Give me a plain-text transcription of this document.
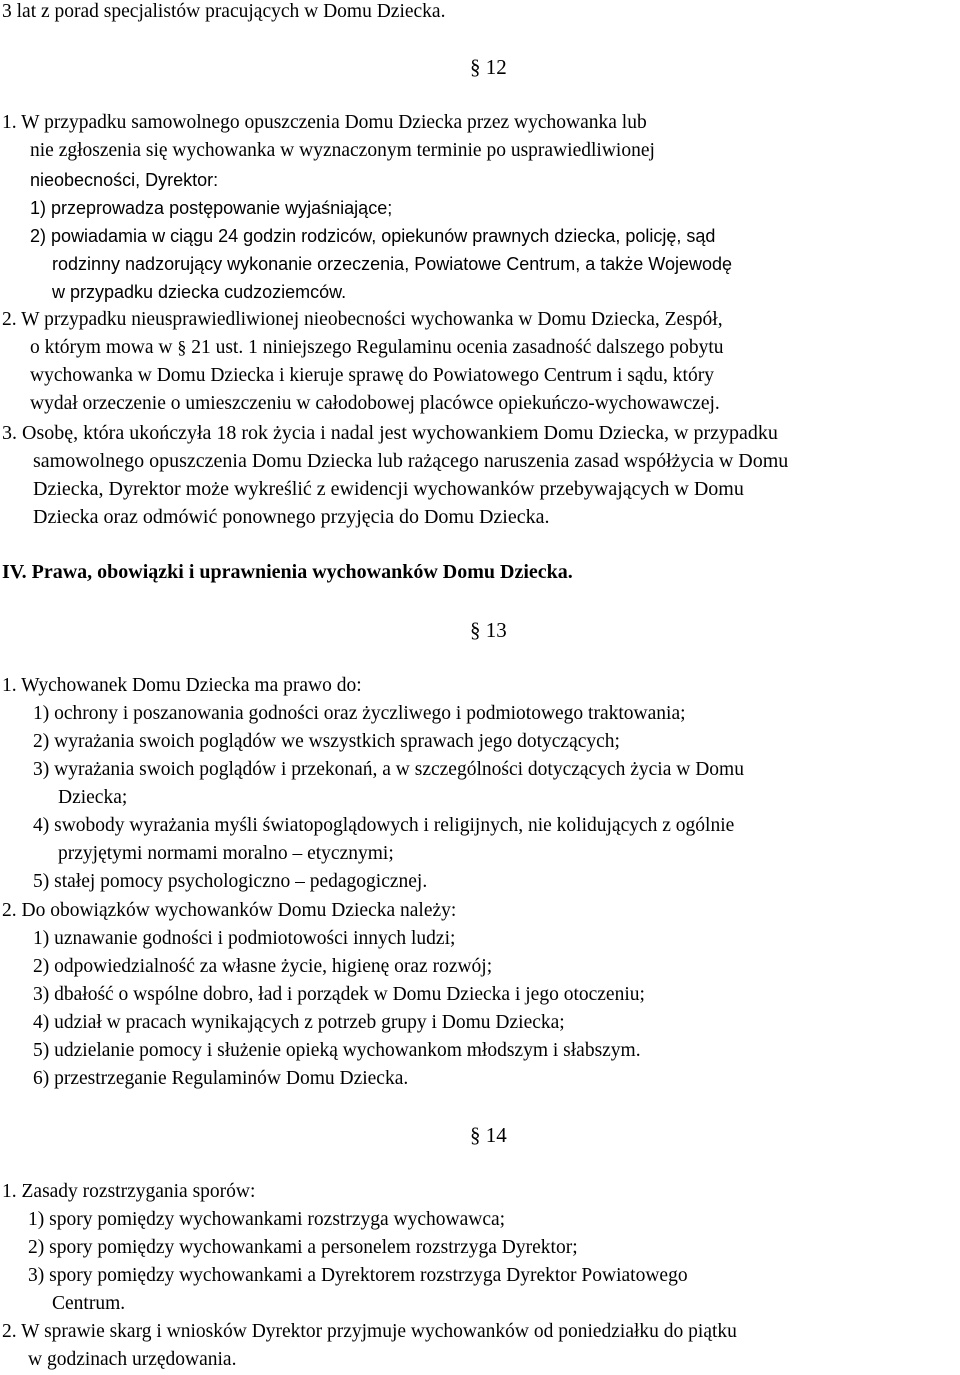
3 lat z porad specjalistów pracujących w Domu Dziecka.
§ 12
1. W przypadku samowolnego opuszczenia Domu Dziecka przez wychowanka lub
nie zgłoszenia się wychowanka w wyznaczonym terminie po usprawiedliwionej
nieobecności, Dyrektor:
1) przeprowadza postępowanie wyjaśniające;
2) powiadamia w ciągu 24 godzin rodziców, opiekunów prawnych dziecka, policję, sąd
rodzinny nadzorujący wykonanie orzeczenia, Powiatowe Centrum, a także Wojewodę
w przypadku dziecka cudzoziemców.
2. W przypadku nieusprawiedliwionej nieobecności wychowanka w Domu Dziecka, Zespół,
o którym mowa w § 21 ust. 1 niniejszego Regulaminu ocenia zasadność dalszego pobytu
wychowanka w Domu Dziecka i kieruje sprawę do Powiatowego Centrum i sądu, który
wydał orzeczenie o umieszczeniu w całodobowej placówce opiekuńczo-wychowawczej.
3. Osobę, która ukończyła 18 rok życia i nadal jest wychowankiem Domu Dziecka, w przypadku
samowolnego opuszczenia Domu Dziecka lub rażącego naruszenia zasad współżycia w Domu
Dziecka, Dyrektor może wykreślić z ewidencji wychowanków przebywających w Domu
Dziecka oraz odmówić ponownego przyjęcia do Domu Dziecka.
IV. Prawa, obowiązki i uprawnienia wychowanków Domu Dziecka.
§ 13
1. Wychowanek Domu Dziecka ma prawo do:
1) ochrony i poszanowania godności oraz życzliwego i podmiotowego traktowania;
2) wyrażania swoich poglądów we wszystkich sprawach jego dotyczących;
3) wyrażania swoich poglądów i przekonań, a w szczególności dotyczących życia w Domu
Dziecka;
4) swobody wyrażania myśli światopoglądowych i religijnych, nie kolidujących z ogólnie
przyjętymi normami moralno – etycznymi;
5) stałej pomocy psychologiczno – pedagogicznej.
2. Do obowiązków wychowanków Domu Dziecka należy:
1) uznawanie godności i podmiotowości innych ludzi;
2) odpowiedzialność za własne życie, higienę oraz rozwój;
3) dbałość o wspólne dobro, ład i porządek w Domu Dziecka i jego otoczeniu;
4) udział w pracach wynikających z potrzeb grupy i Domu Dziecka;
5) udzielanie pomocy i służenie opieką wychowankom młodszym i słabszym.
6) przestrzeganie Regulaminów Domu Dziecka.
§ 14
1. Zasady rozstrzygania sporów:
1) spory pomiędzy wychowankami rozstrzyga wychowawca;
2) spory pomiędzy wychowankami a personelem rozstrzyga Dyrektor;
3) spory pomiędzy wychowankami a Dyrektorem rozstrzyga Dyrektor Powiatowego
Centrum.
2. W sprawie skarg i wniosków Dyrektor przyjmuje wychowanków od poniedziałku do piątku
w godzinach urzędowania.
